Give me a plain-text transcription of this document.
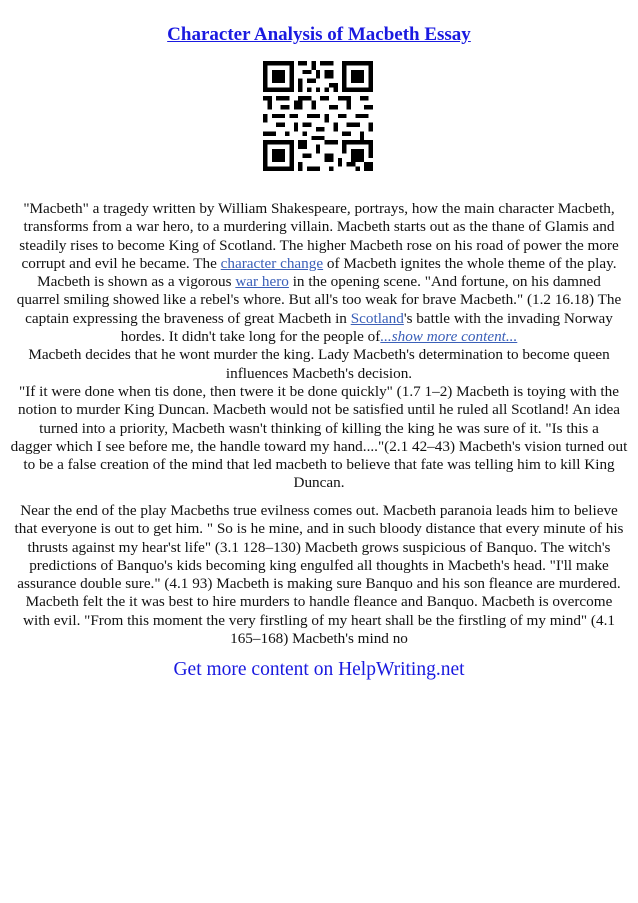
Character Analysis of Macbeth Essay
"Macbeth" a tragedy written by William Shakespeare, portrays, how the main character Macbeth,
transforms from a war hero, to a murdering villain. Macbeth starts out as the thane of Glamis and
steadily rises to become King of Scotland. The higher Macbeth rose on his road of power the more
corrupt and evil he became. The character change of Macbeth ignites the whole theme of the play.
Macbeth is shown as a vigorous war hero in the opening scene. "And fortune, on his damned
quarrel smiling showed like a rebel's whore. But all's too weak for brave Macbeth." (1.2 16.18) The
captain expressing the braveness of great Macbeth in Scotland's battle with the invading Norway
hordes. It didn't take long for the people of...show more content...
Macbeth decides that he wont murder the king. Lady Macbeth's determination to become queen
influences Macbeth's decision.
"If it were done when tis done, then twere it be done quickly" (1.7 1–2) Macbeth is toying with the
notion to murder King Duncan. Macbeth would not be satisfied until he ruled all Scotland! An idea
turned into a priority, Macbeth wasn't thinking of killing the king he was sure of it. "Is this a
dagger which I see before me, the handle toward my hand...."(2.1 42–43) Macbeth's vision turned out
to be a false creation of the mind that led macbeth to believe that fate was telling him to kill King
Duncan.
Near the end of the play Macbeths true evilness comes out. Macbeth paranoia leads him to believe
that everyone is out to get him. " So is he mine, and in such bloody distance that every minute of his
thrusts against my hear'st life" (3.1 128–130) Macbeth grows suspicious of Banquo. The witch's
predictions of Banquo's kids becoming king engulfed all thoughts in Macbeth's head. "I'll make
assurance double sure." (4.1 93) Macbeth is making sure Banquo and his son fleance are murdered.
Macbeth felt the it was best to hire murders to handle fleance and Banquo. Macbeth is overcome
with evil. "From this moment the very firstling of my heart shall be the firstling of my mind" (4.1
165–168) Macbeth's mind no
Get more content on HelpWriting.net
